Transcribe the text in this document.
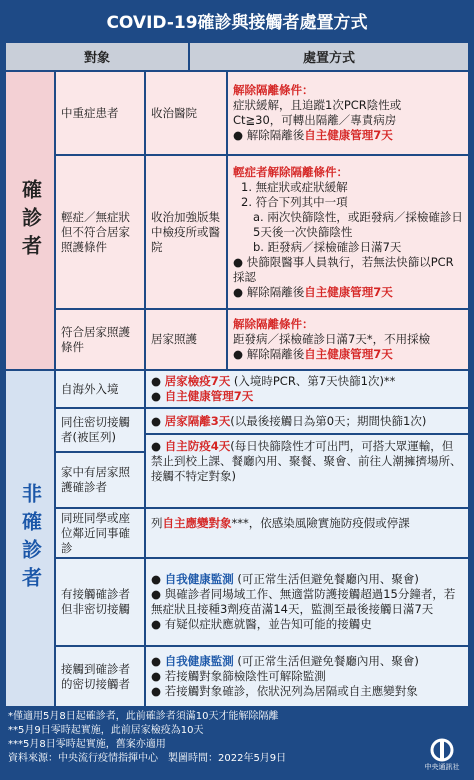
COVID-19確診與接觸者處置方式
對象	處置方式
確診者
中重症患者	收治醫院
解除隔離條件：
症狀緩解，且追蹤1次PCR陰性或
Ct≧30，可轉出隔離／專責病房
● 解除隔離後自主健康管理7天
輕症／無症狀但不符合居家照護條件
收治加強版集中檢疫所或醫院
輕症者解除隔離條件：
1. 無症狀或症狀緩解
2. 符合下列其中一項
a. 兩次快篩陰性，或距發病／採檢確診日5天後一次快篩陰性
b. 距發病／採檢確診日滿7天
● 快篩限醫事人員執行，若無法快篩以PCR採認
● 解除隔離後自主健康管理7天
符合居家照護條件
居家照護
解除隔離條件：
距發病／採檢確診日滿7天*，不用採檢
● 解除隔離後自主健康管理7天
非確診者
自海外入境
● 居家檢疫7天 (入境時PCR、第7天快篩1次)**
● 自主健康管理7天
同住密切接觸者(被匡列)
● 居家隔離3天(以最後接觸日為第0天；期間快篩1次)
家中有居家照護確診者
● 自主防疫4天(每日快篩陰性才可出門，可搭大眾運輸，但禁止到校上課、餐廳內用、聚餐、聚會、前往人潮擁擠場所、接觸不特定對象)
同班同學或座位鄰近同事確診
列自主應變對象***，依感染風險實施防疫假或停課
有接觸確診者但非密切接觸
● 自我健康監測 (可正常生活但避免餐廳內用、聚會)
● 與確診者同場域工作、無適當防護接觸超過15分鐘者，若無症狀且接種3劑疫苗滿14天，監測至最後接觸日滿7天
● 有疑似症狀應就醫，並告知可能的接觸史
接觸到確診者的密切接觸者
● 自我健康監測 (可正常生活但避免餐廳內用、聚會)
● 若接觸對象篩檢陰性可解除監測
● 若接觸對象確診，依狀況列為居隔或自主應變對象
*僅適用5月8日起確診者，此前確診者須滿10天才能解除隔離
**5月9日零時起實施，此前居家檢疫為10天
***5月8日零時起實施，舊案亦適用
資料來源：中央流行疫情指揮中心　製圖時間：2022年5月9日
中央通訊社
